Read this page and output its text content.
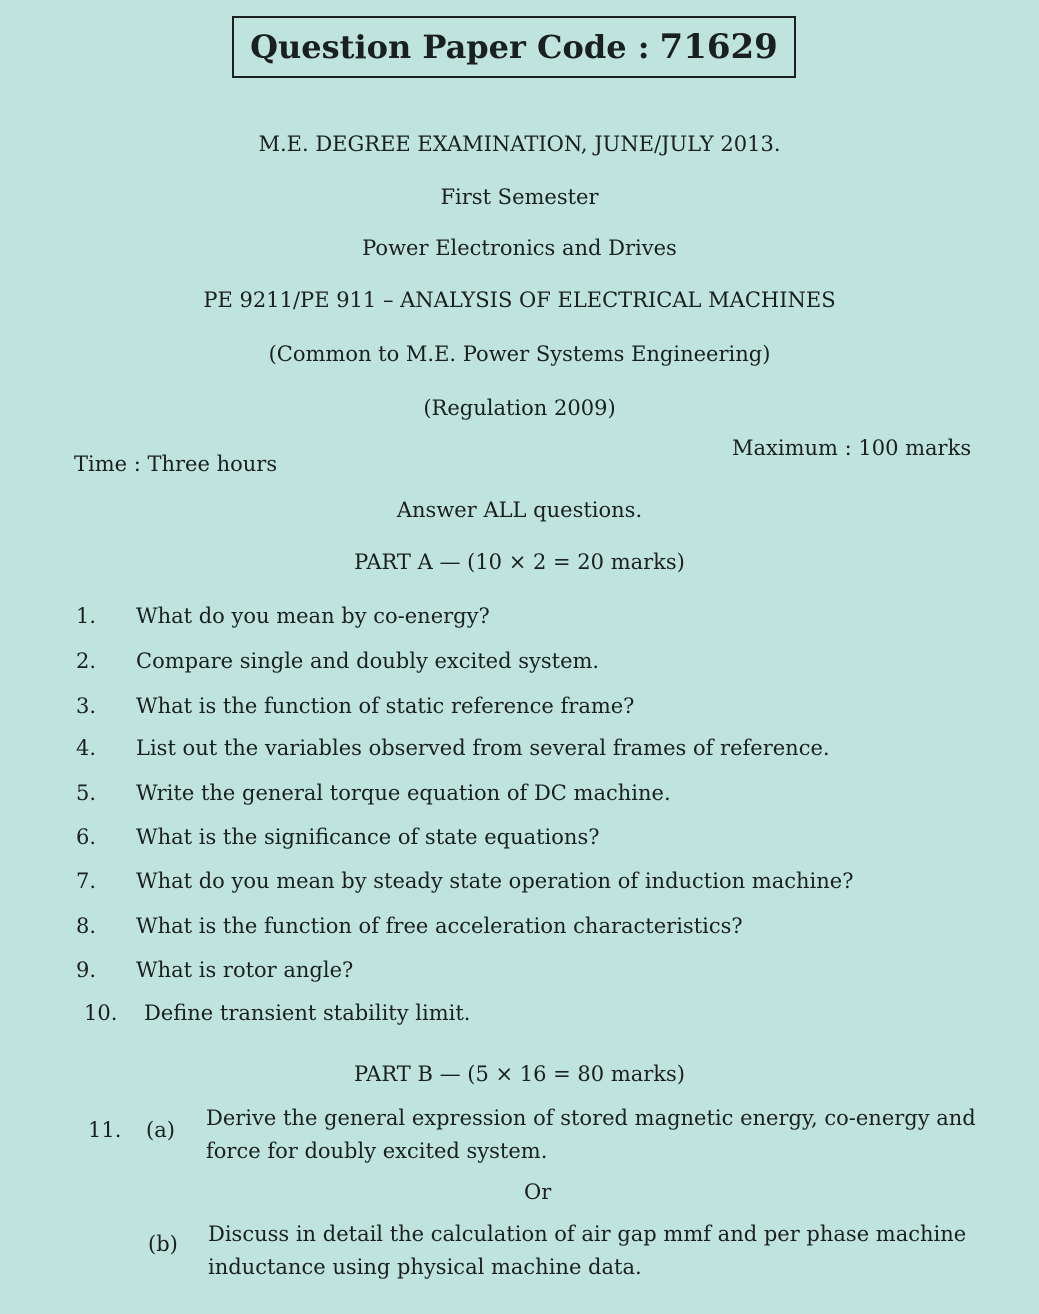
Question Paper Code : 71629
M.E. DEGREE EXAMINATION, JUNE/JULY 2013.
First Semester
Power Electronics and Drives
PE 9211/PE 911 – ANALYSIS OF ELECTRICAL MACHINES
(Common to M.E. Power Systems Engineering)
(Regulation 2009)
Time : Three hours
Maximum : 100 marks
Answer ALL questions.
PART A — (10 × 2 = 20 marks)
1. What do you mean by co-energy?
2. Compare single and doubly excited system.
3. What is the function of static reference frame?
4. List out the variables observed from several frames of reference.
5. Write the general torque equation of DC machine.
6. What is the significance of state equations?
7. What do you mean by steady state operation of induction machine?
8. What is the function of free acceleration characteristics?
9. What is rotor angle?
10. Define transient stability limit.
PART B — (5 × 16 = 80 marks)
11. (a) Derive the general expression of stored magnetic energy, co-energy and
force for doubly excited system.
Or
(b) Discuss in detail the calculation of air gap mmf and per phase machine
inductance using physical machine data.
